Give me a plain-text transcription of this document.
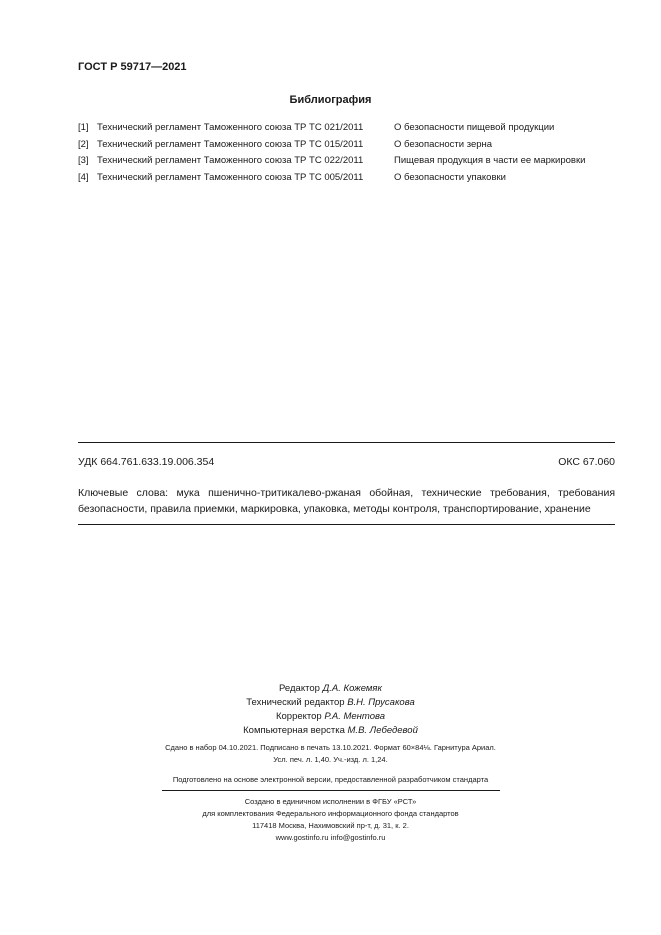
ГОСТ Р 59717—2021
Библиография
[1] Технический регламент Таможенного союза ТР ТС 021/2011	О безопасности пищевой продукции
[2] Технический регламент Таможенного союза ТР ТС 015/2011	О безопасности зерна
[3] Технический регламент Таможенного союза ТР ТС 022/2011	Пищевая продукция в части ее маркировки
[4] Технический регламент Таможенного союза ТР ТС 005/2011	О безопасности упаковки
УДК 664.761.633.19.006.354	ОКС 67.060
Ключевые слова: мука пшенично-тритикалево-ржаная обойная, технические требования, требования безопасности, правила приемки, маркировка, упаковка, методы контроля, транспортирование, хранение
Редактор Д.А. Кожемяк
Технический редактор В.Н. Прусакова
Корректор Р.А. Ментова
Компьютерная верстка М.В. Лебедевой
Сдано в набор 04.10.2021. Подписано в печать 13.10.2021. Формат 60×84⅛. Гарнитура Ариал.
Усл. печ. л. 1,40. Уч.-изд. л. 1,24.
Подготовлено на основе электронной версии, предоставленной разработчиком стандарта
Создано в единичном исполнении в ФГБУ «РСТ»
для комплектования Федерального информационного фонда стандартов
117418 Москва, Нахимовский пр-т, д. 31, к. 2.
www.gostinfo.ru info@gostinfo.ru
